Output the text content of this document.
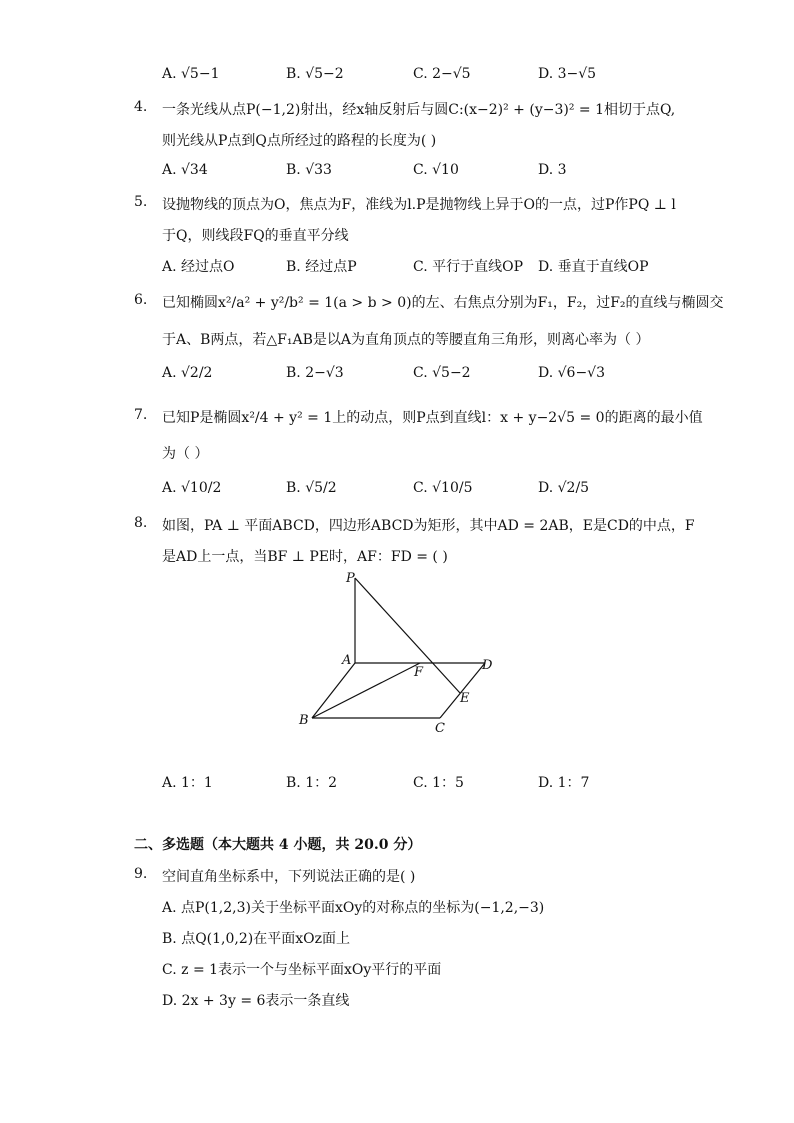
A. √5−1	B. √5−2	C. 2−√5	D. 3−√5
4. 一条光线从点P(−1,2)射出，经x轴反射后与圆C:(x−2)² + (y−3)² = 1相切于点Q,
则光线从P点到Q点所经过的路程的长度为( )
A. √34	B. √33	C. √10	D. 3
5. 设抛物线的顶点为O，焦点为F，准线为l.P是抛物线上异于O的一点，过P作PQ ⊥ l
于Q，则线段FQ的垂直平分线
A. 经过点O	B. 经过点P	C. 平行于直线OP D. 垂直于直线OP
6. 已知椭圆x²/a² + y²/b² = 1(a > b > 0)的左、右焦点分别为F₁，F₂，过F₂的直线与椭圆交
于A、B两点，若△F₁AB是以A为直角顶点的等腰直角三角形，则离心率为（ ）
A. √2/2	B. 2−√3	C. √5−2	D. √6−√3
7. 已知P是椭圆x²/4 + y² = 1上的动点，则P点到直线l：x + y−2√5 = 0的距离的最小值
为（ ）
A. √10/2	B. √5/2	C. √10/5	D. √2/5
8. 如图，PA ⊥ 平面ABCD，四边形ABCD为矩形，其中AD = 2AB，E是CD的中点，F
是AD上一点，当BF ⊥ PE时，AF：FD = ( )
P
A
F	D
E
B
C
A. 1：1	B. 1：2	C. 1：5	D. 1：7
二、多选题（本大题共 4 小题，共 20.0 分）
9. 空间直角坐标系中，下列说法正确的是( )
A. 点P(1,2,3)关于坐标平面xOy的对称点的坐标为(−1,2,−3)
B. 点Q(1,0,2)在平面xOz面上
C. z = 1表示一个与坐标平面xOy平行的平面
D. 2x + 3y = 6表示一条直线
